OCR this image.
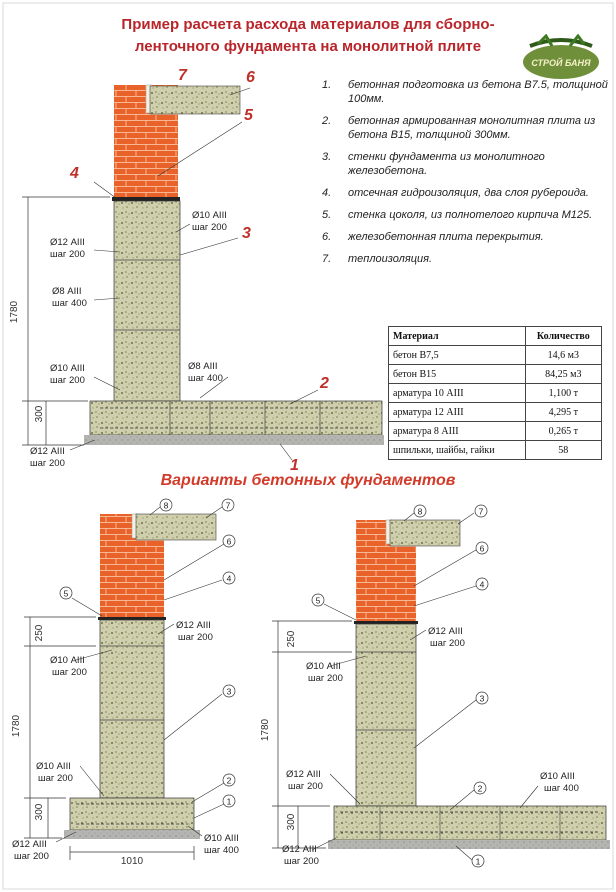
1780
300
Ø10 АIII
шаг 200
Ø12 АIII
шаг 200
Ø8 АIII
шаг 400
Ø10 АIII
шаг 200
Ø8 АIII
шаг 400
Ø12 АIII
шаг 200
7	6
5
4
3
2
1
250
1780
300
1010
Ø12 АIII
шаг 200
Ø10 АIII
шаг 200
Ø10 АIII
шаг 200
Ø12 АIII
шаг 200
Ø10 АIII
шаг 400
8	7
6
4
5
3
2
1
250
1780
300
Ø12 АIII
шаг 200
Ø10 АIII
шаг 200
Ø12 АIII
шаг 200
Ø10 АIII
шаг 400
Ø12 АIII
шаг 200
8	7
6
4
5
3
2
1
Пример расчета расхода материалов для сборно-
ленточного фундамента на монолитной плите
СТРОЙ БАНЯ
1. бетонная подготовка из бетона В7.5, толщиной 100мм.
2. бетонная армированная монолитная плита из бетона В15, толщиной 300мм.
3. стенки фундамента из монолитного железобетона.
4. отсечная гидроизоляция, два слоя рубероида.
5. стенка цоколя, из полнотелого кирпича М125.
6. железобетонная плита перекрытия.
7. теплоизоляция.
Материал	Количество
бетон В7,5	14,6 м3
бетон В15	84,25 м3
арматура 10 АIII	1,100 т
арматура 12 АIII	4,295 т
арматура 8 АIII	0,265 т
шпильки, шайбы, гайки	58
Варианты бетонных фундаментов
